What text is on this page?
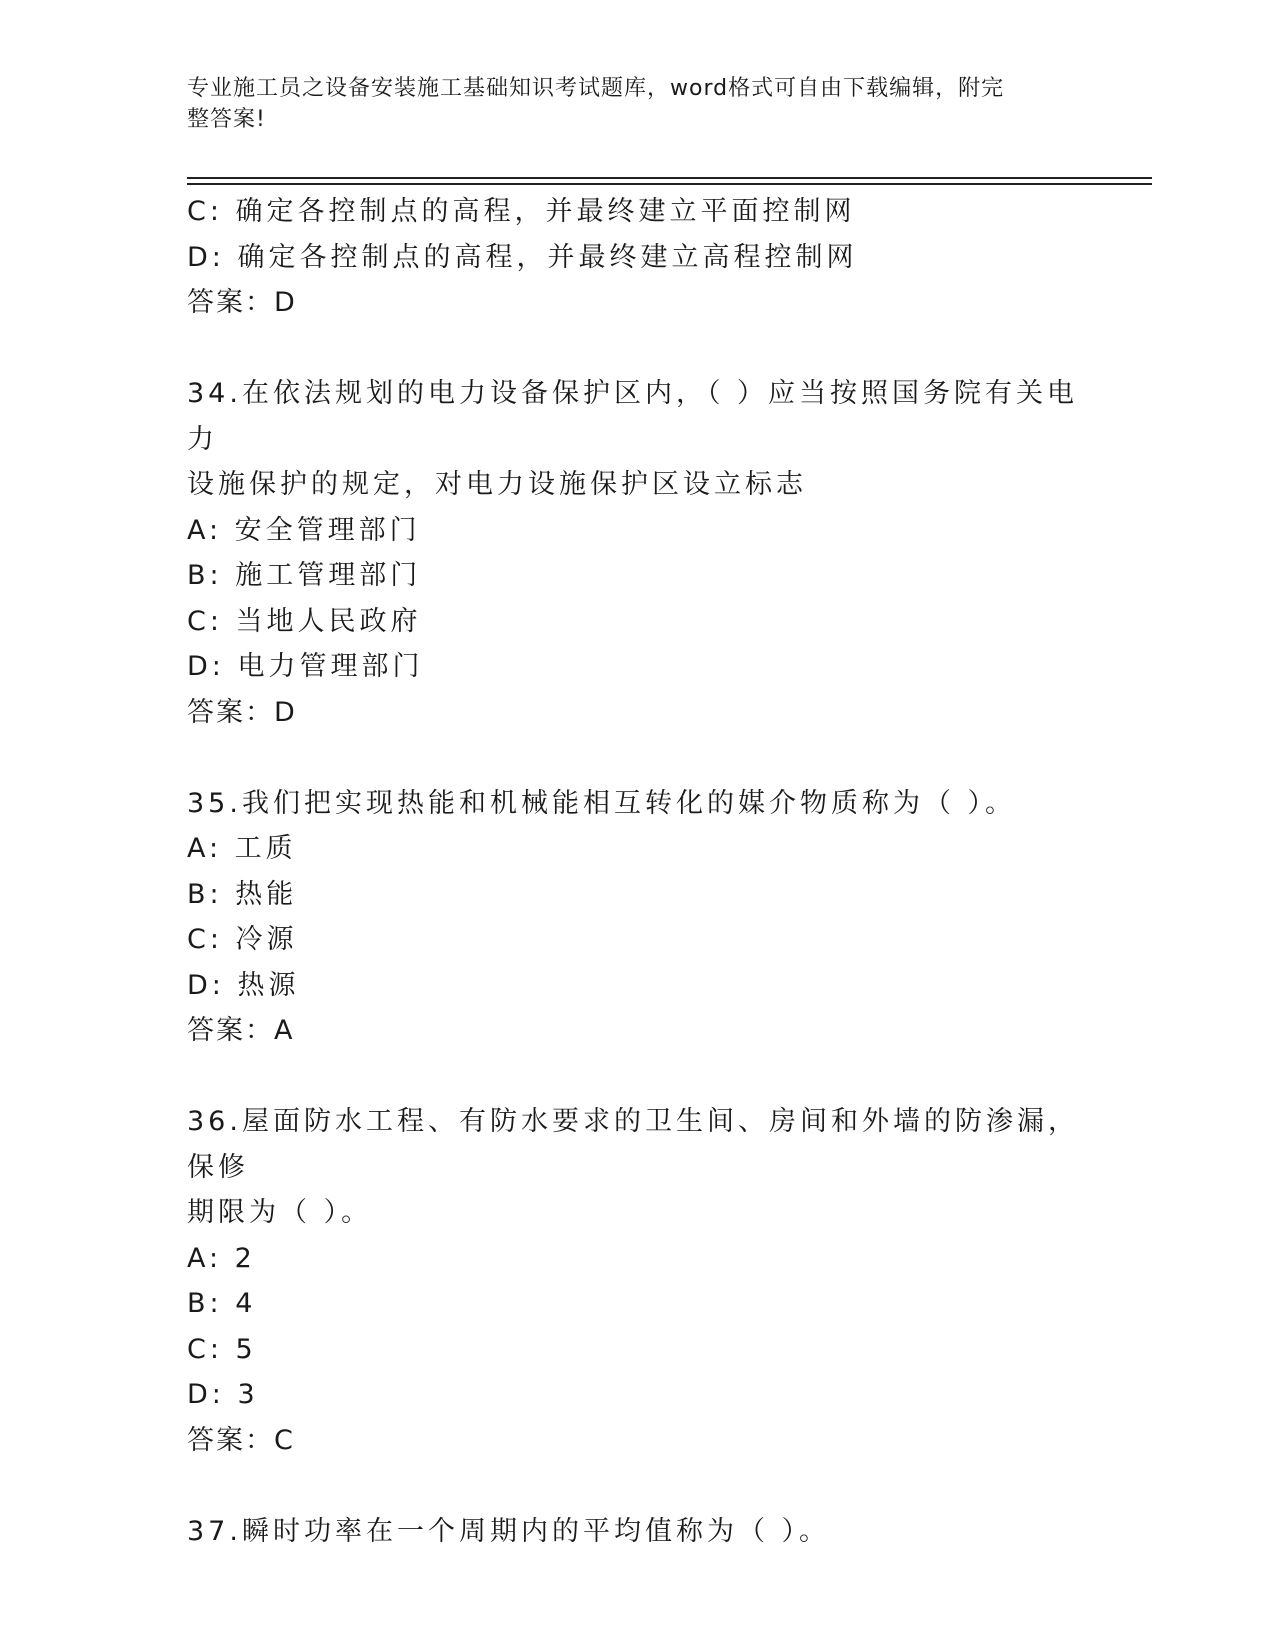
专业施工员之设备安装施工基础知识考试题库，word格式可自由下载编辑，附完
整答案!
C: 确定各控制点的高程，并最终建立平面控制网
D: 确定各控制点的高程，并最终建立高程控制网
答案：D
34.在依法规划的电力设备保护区内，（ ）应当按照国务院有关电力
设施保护的规定，对电力设施保护区设立标志
A: 安全管理部门
B: 施工管理部门
C: 当地人民政府
D: 电力管理部门
答案：D
35.我们把实现热能和机械能相互转化的媒介物质称为（ ）。
A: 工质
B: 热能
C: 冷源
D: 热源
答案：A
36.屋面防水工程、有防水要求的卫生间、房间和外墙的防渗漏，保修
期限为（ ）。
A: 2
B: 4
C: 5
D: 3
答案：C
37.瞬时功率在一个周期内的平均值称为（ ）。
